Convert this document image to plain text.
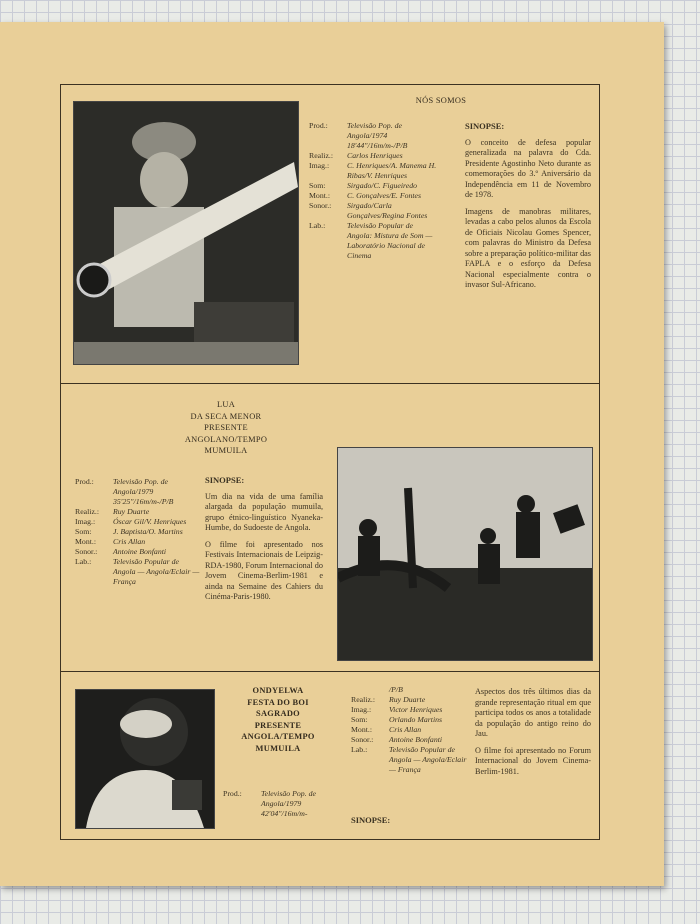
NÓS SOMOS
Prod.:	Televisão Pop. de Angola/1974 18'44"/16m/m-/P/B
Realiz.:	Carlos Henriques
Imag.:	C. Henriques/A. Manema H. Ribas/V. Henriques
Som:	Sirgado/C. Figueiredo
Mont.:	C. Gonçalves/E. Fontes
Sonor.:	Sirgado/Carla Gonçalves/Regina Fontes
Lab.:	Televisão Popular de Angola: Mistura de Som — Laboratório Nacional de Cinema
SINOPSE:

O conceito de defesa popular generalizada na palavra do Cda. Presidente Agostinho Neto durante as comemorações do 3.º Aniversário da Independência em 11 de Novembro de 1978.

Imagens de manobras militares, levadas a cabo pelos alunos da Escola de Oficiais Nicolau Gomes Spencer, com palavras do Ministro da Defesa sobre a preparação político-militar das FAPLA e o esforço da Defesa Nacional especialmente contra o invasor Sul-Africano.

LUA
DA SECA MENOR
PRESENTE
ANGOLANO/TEMPO
MUMUILA
Prod.:	Televisão Pop. de Angola/1979 35'25"/16m/m-/P/B
Realiz.:	Ruy Duarte
Imag.:	Óscar Gil/V. Henriques
Som:	J. Baptista/O. Martins
Mont.:	Cris Allan
Sonor.:	Antoine Bonfanti
Lab.:	Televisão Popular de Angola — Angola/Eclair — França
SINOPSE:

Um dia na vida de uma família alargada da população mumuila, grupo étnico-linguístico Nyaneka-Humbe, do Sudoeste de Angola.

O filme foi apresentado nos Festivais Internacionais de Leipzig-RDA-1980, Forum Internacional do Jovem Cinema-Berlim-1981 e ainda na Semaine des Cahiers du Cinéma-Paris-1980.

ONDYELWA
FESTA DO BOI
SAGRADO
PRESENTE
ANGOLA/TEMPO
MUMUILA
Prod.:	Televisão Pop. de Angola/1979 42'04"/16m/m-
/P/B
Realiz.:	Ruy Duarte
Imag.:	Victor Henriques
Som:	Orlando Martins
Mont.:	Cris Allan
Sonor.:	Antoine Bonfanti
Lab.:	Televisão Popular de Angola — Angola/Eclair — França
SINOPSE:

Aspectos dos três últimos dias da grande representação ritual em que participa todos os anos a totalidade da população do antigo reino do Jau.

O filme foi apresentado no Forum Internacional do Jovem Cinema-Berlim-1981.
